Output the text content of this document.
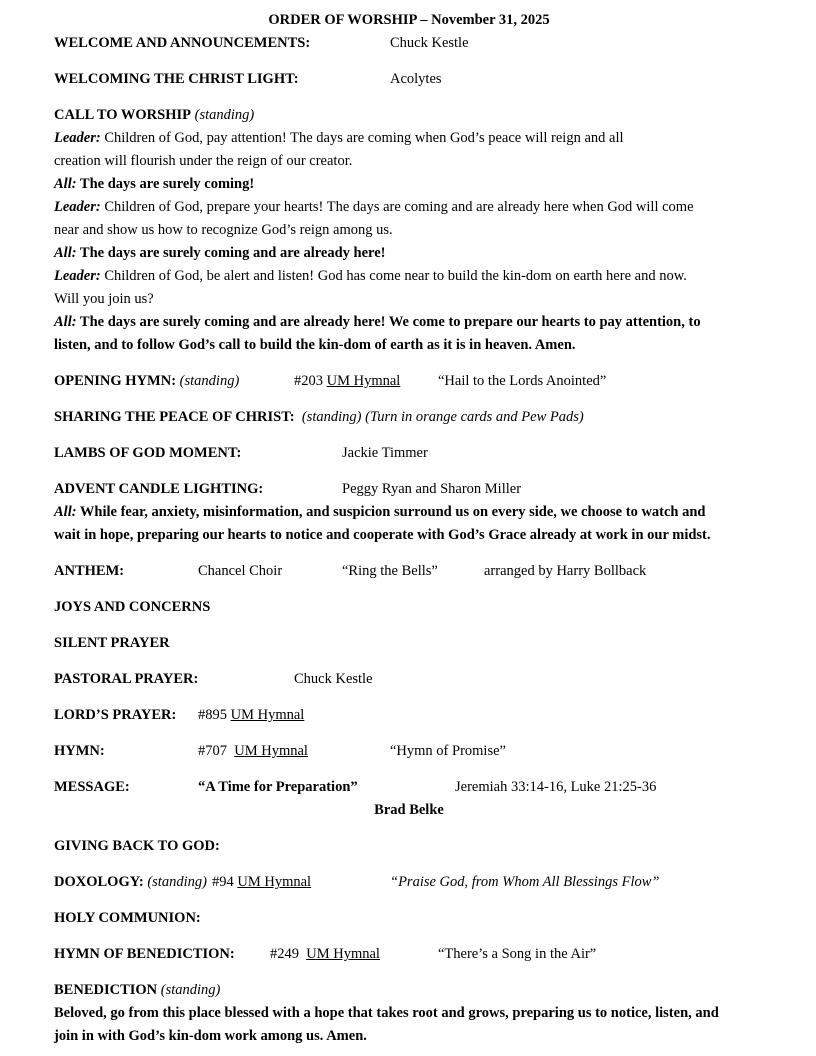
ORDER OF WORSHIP – November 31, 2025
WELCOME AND ANNOUNCEMENTS:	Chuck Kestle
WELCOMING THE CHRIST LIGHT:	Acolytes
CALL TO WORSHIP (standing)
Leader: Children of God, pay attention! The days are coming when God’s peace will reign and all
creation will flourish under the reign of our creator.
All: The days are surely coming!
Leader: Children of God, prepare your hearts! The days are coming and are already here when God will come
near and show us how to recognize God’s reign among us.
All: The days are surely coming and are already here!
Leader: Children of God, be alert and listen! God has come near to build the kin-dom on earth here and now.
Will you join us?
All: The days are surely coming and are already here! We come to prepare our hearts to pay attention, to
listen, and to follow God’s call to build the kin-dom of earth as it is in heaven. Amen.
OPENING HYMN: (standing)	#203 UM Hymnal	“Hail to the Lords Anointed”
SHARING THE PEACE OF CHRIST:  (standing) (Turn in orange cards and Pew Pads)
LAMBS OF GOD MOMENT:	Jackie Timmer
ADVENT CANDLE LIGHTING:	Peggy Ryan and Sharon Miller
All: While fear, anxiety, misinformation, and suspicion surround us on every side, we choose to watch and
wait in hope, preparing our hearts to notice and cooperate with God’s Grace already at work in our midst.
ANTHEM:	Chancel Choir	“Ring the Bells”	arranged by Harry Bollback
JOYS AND CONCERNS
SILENT PRAYER
PASTORAL PRAYER:	Chuck Kestle
LORD’S PRAYER: #895 UM Hymnal
HYMN:	#707  UM Hymnal	“Hymn of Promise”
MESSAGE:	“A Time for Preparation”	Jeremiah 33:14-16, Luke 21:25-36
Brad Belke
GIVING BACK TO GOD:
DOXOLOGY: (standing) #94 UM Hymnal	“Praise God, from Whom All Blessings Flow”
HOLY COMMUNION:
HYMN OF BENEDICTION: #249  UM Hymnal	“There’s a Song in the Air”
BENEDICTION (standing)
Beloved, go from this place blessed with a hope that takes root and grows, preparing us to notice, listen, and
join in with God’s kin-dom work among us. Amen.
